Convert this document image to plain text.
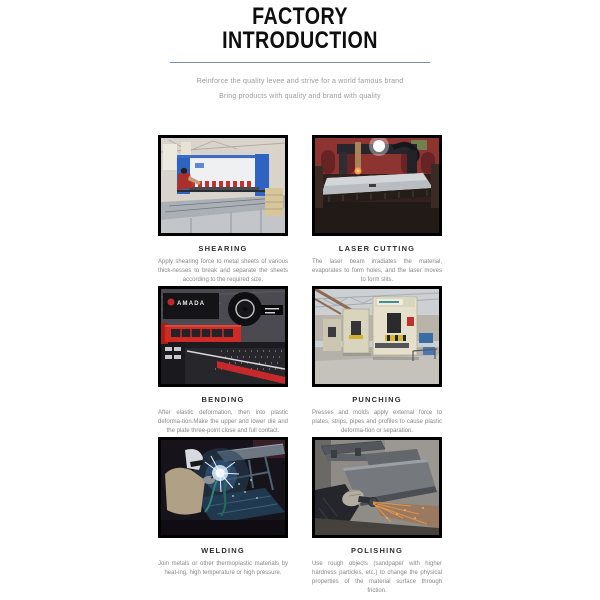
FACTORY
INTRODUCTION

Reinforce the quality levee and strive for a world famous brand

Bring products with quality and brand with quality

SHEARING

Apply shearing force to metal sheets of various thick-nesses to break and separate the sheets according to the required size.

LASER CUTTING

The laser beam irradiates the material, evaporates to form holes, and the laser moves to form slits.

AMADA
BENDING

After elastic deformation, then into plastic deforma-tion.Make the upper and lower die and the plate three-point close and full contact.

PUNCHING

Presses and molds apply external force to plates, strips, pipes and profiles to cause plastic deforma-tion or separation.

WELDING

Join metals or other thermoplastic materials by heat-ing, high temperature or high pressure.

POLISHING

Use rough objects (sandpaper with higher hardness particles, etc.) to change the physical properties of the material surface through friction.
